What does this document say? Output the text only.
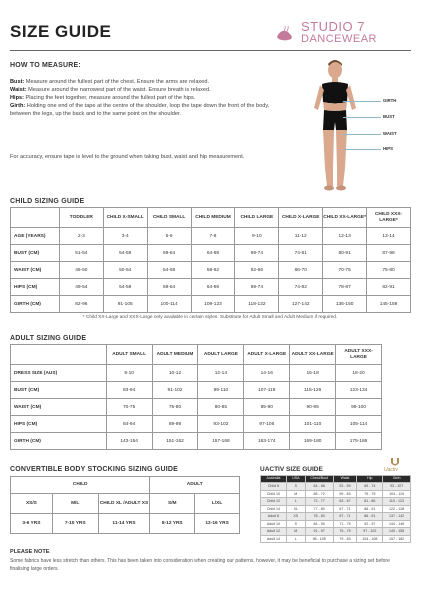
SIZE GUIDE	STUDIO 7
DANCEWEAR
HOW TO MEASURE:
Bust: Measure around the fullest part of the chest. Ensure the arms are relaxed.
Waist: Measure around the narrowest part of the waist. Ensure breath is relaxed.
Hips: Placing the feet together, measure around the fullest part of the hips.
Girth: Holding one end of the tape at the centre of the shoulder, loop the tape down the front of the body, between the legs, up the back and to the same point on the shoulder.
For accuracy, ensure tape is level to the ground when taking bust, waist and hip measurement.
GIRTH
BUST
WAIST
HIPS
CHILD SIZING GUIDE
	TODDLER	CHILD X-SMALL	CHILD SMALL	CHILD MEDIUM	CHILD LARGE	CHILD X-LARGE	CHILD XX-LARGE*	CHILD XXX-LARGE*
AGE (YEARS)	2-3	3-4	5-6	7-8	9-10	11-12	12-13	13-14
BUST (CM)	51-54	54-59	59-64	64-69	69-74	74-81	80-91	87-98
WAIST (CM)	46-50	50-54	54-58	58-62	62-66	66-70	70-75	75-80
HIPS (CM)	49-54	54-59	59-64	64-69	69-74	74-82	78-87	82-91
GIRTH (CM)	82-96	91-105	100-114	109-123	118-132	127-142	136-150	145-159
* Child XX-Large and XXX-Large only available in certain styles. Substitute for Adult Small and Adult Medium if required.
ADULT SIZING GUIDE
	ADULT SMALL	ADULT MEDIUM	ADULT LARGE	ADULT X-LARGE	ADULT XX-LARGE	ADULT XXX-LARGE
DRESS SIZE (AUS)	8-10	10-12	12-14	14-16	16-18	18-20
BUST (CM)	83-94	91-102	99-110	107-118	115-126	123-134
WAIST (CM)	70-75	75-80	80-85	85-90	90-95	95-100
HIPS (CM)	84-94	89-98	93-102	97-106	101-110	105-114
GIRTH (CM)	143-154	151-162	157-168	163-174	169-180	175-186
CONVERTIBLE BODY STOCKING SIZING GUIDE
CHILD			ADULT	
XS/S	M/L	CHILD XL /ADULT XS	S/M	L/XL
3-6 YRS	7-10 YRS	11-14 YRS	8-12 YRS	12-16 YRS
UACTIV SIZE GUIDE	Uactiv
Australia	USA	Chest/Bust	Waist	Hip	Girth
Child 8	S	64 - 68	53 - 59	69 - 74	93 - 107
Child 10	M	68 - 72	59 - 63	75 - 79	104 - 119
Child 12	L	72 - 77	63 - 67	81 - 86	110 - 123
Child 14	XL	77 - 80	67 - 71	86 - 91	122 - 128
Adult 8	XS	78 - 83	67 - 71	86 - 91	137 - 142
Adult 10	S	84 - 90	71 - 75	92 - 97	144 - 149
Adult 12	M	91 - 97	75 - 79	97 - 102	149 - 155
Adult 14	L	98 - 105	79 - 83	104 - 108	157 - 162
PLEASE NOTE
Some fabrics have less stretch than others. This has been taken into consideration when creating our patterns, however, it may be beneficial to purchase a sizing set before finalising large orders.
